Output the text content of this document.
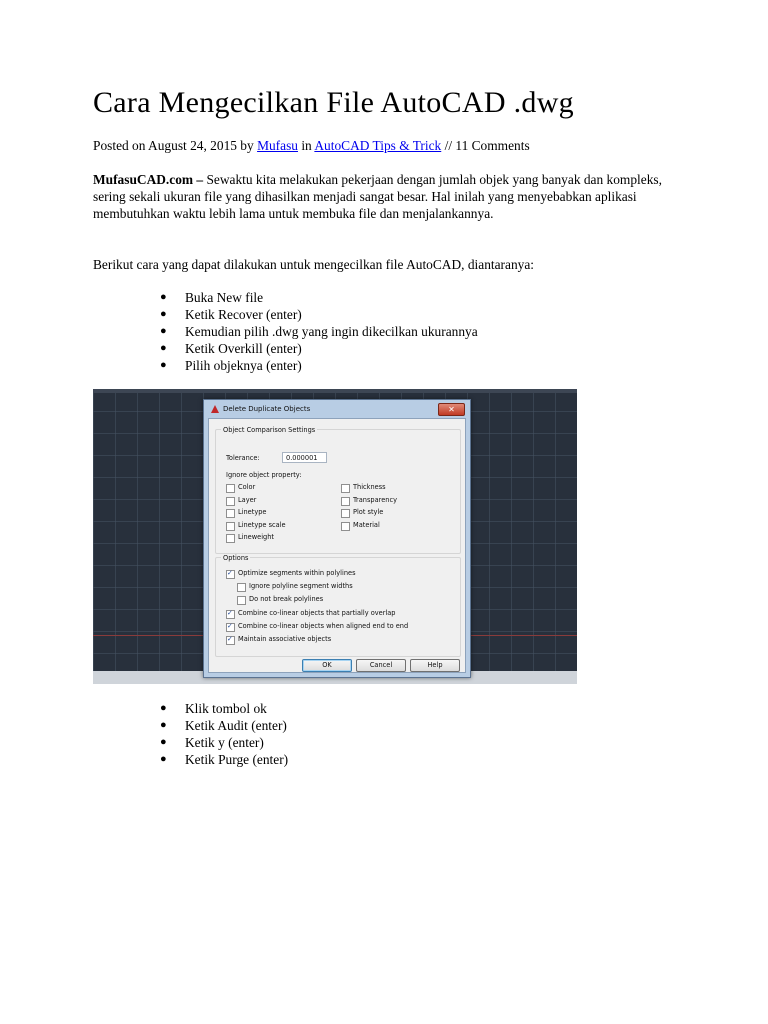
Cara Mengecilkan File AutoCAD .dwg
Posted on August 24, 2015 by Mufasu in AutoCAD Tips & Trick // 11 Comments

MufasuCAD.com – Sewaktu kita melakukan pekerjaan dengan jumlah objek yang banyak dan kompleks, sering sekali ukuran file yang dihasilkan menjadi sangat besar. Hal inilah yang menyebabkan aplikasi membutuhkan waktu lebih lama untuk membuka file dan menjalankannya.

Berikut cara yang dapat dilakukan untuk mengecilkan file AutoCAD, diantaranya:

● Buka New file
● Ketik Recover (enter)
● Kemudian pilih .dwg yang ingin dikecilkan ukurannya
● Ketik Overkill (enter)
● Pilih objeknya (enter)
Delete Duplicate Objects	✕
Object Comparison Settings
Tolerance:	0.000001
Ignore object property:
Color
Layer
Linetype
Linetype scale
Lineweight
Thickness
Transparency
Plot style
Material
Options
✓
Optimize segments within polylines
Ignore polyline segment widths
Do not break polylines
✓
Combine co-linear objects that partially overlap
✓
Combine co-linear objects when aligned end to end
✓
Maintain associative objects
OK	Cancel	Help
● Klik tombol ok
● Ketik Audit (enter)
● Ketik y (enter)
● Ketik Purge (enter)
